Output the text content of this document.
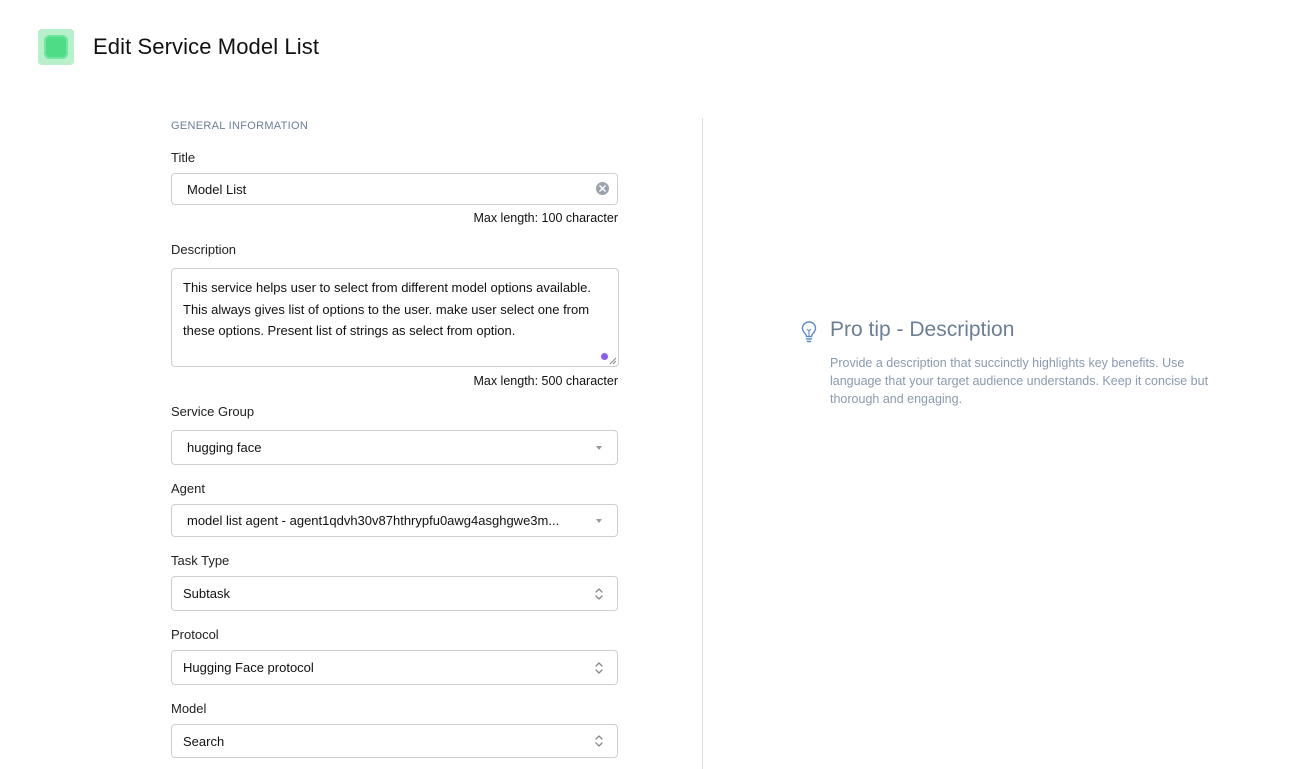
Edit Service Model List
GENERAL INFORMATION
Title
Model List
Max length: 100 character
Description
This service helps user to select from different model options available. This always gives list of options to the user. make user select one from these options. Present list of strings as select from option.
Max length: 500 character
Service Group
hugging face
Agent
model list agent - agent1qdvh30v87hthrypfu0awg4asghgwe3m...
Task Type
Subtask
Protocol
Hugging Face protocol
Model
Search
Pro tip - Description
Provide a description that succinctly highlights key benefits. Use language that your target audience understands. Keep it concise but thorough and engaging.
